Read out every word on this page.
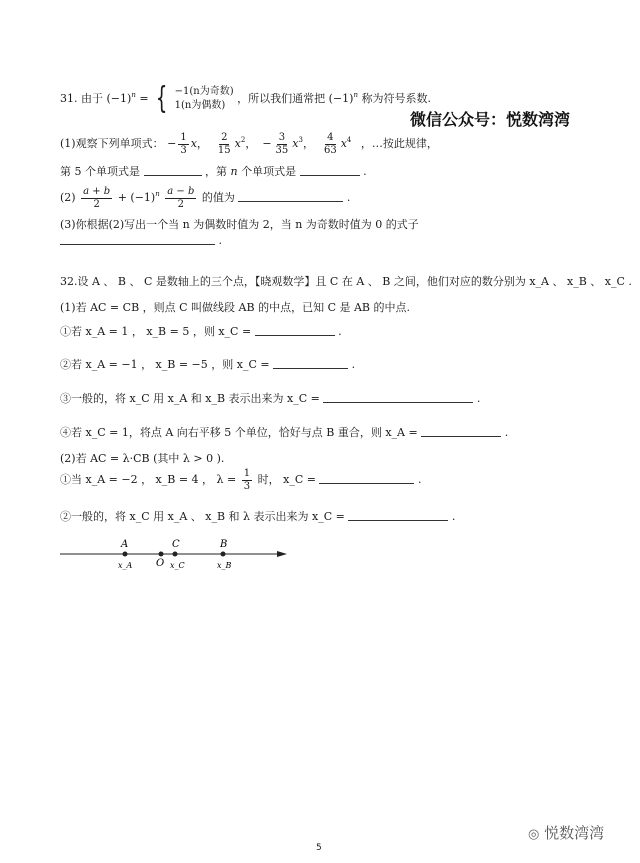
微信公众号：悦数湾湾
31. 由于 $(-1)^n$ = { −1(n为奇数)
1(n为偶数)
，所以我们通常把 $(-1)^n$ 称为符号系数.
(1)观察下列单项式： − $\frac{1}{3}$ x， $\frac{2}{15} x^2$， − $\frac{3}{35} x^3$， $\frac{4}{63} x^4$ ，…按此规律，
第 5 个单项式是	，第 n 个单项式是	.
$(2) \frac{a + b}{2} + (-1)^n \frac{a - b}{2}$ 的值为	.
(3)你根据(2)写出一个当 n 为偶数时值为 2，当 n 为奇数时值为 0 的式子
.
32.设 A 、 B 、 C 是数轴上的三个点，【晓观数学】且 C 在 A 、 B 之间，他们对应的数分别为 x_A 、 x_B 、 x_C .
(1)若 AC = CB ，则点 C 叫做线段 AB 的中点，已知 C 是 AB 的中点.
①若 x_A = 1 ， x_B = 5 ，则 x_C =	.
②若 x_A = −1 ， x_B = −5 ，则 x_C =	.
③一般的，将 x_C 用 x_A 和 x_B 表示出来为 x_C =	.
④若 x_C = 1，将点 A 向右平移 5 个单位，恰好与点 B 重合，则 x_A =	.
(2)若 AC = λ·CB (其中 λ > 0 ).
①当 x_A = −2 ， x_B = 4 ， $\lambda = \frac{1}{3}$ 时， x_C =	.
②一般的，将 x_C 用 x_A 、 x_B 和 λ 表示出来为 x_C =	.
A	C	B
O
x_A	x_C	x_B
5
◎ 悦数湾湾
